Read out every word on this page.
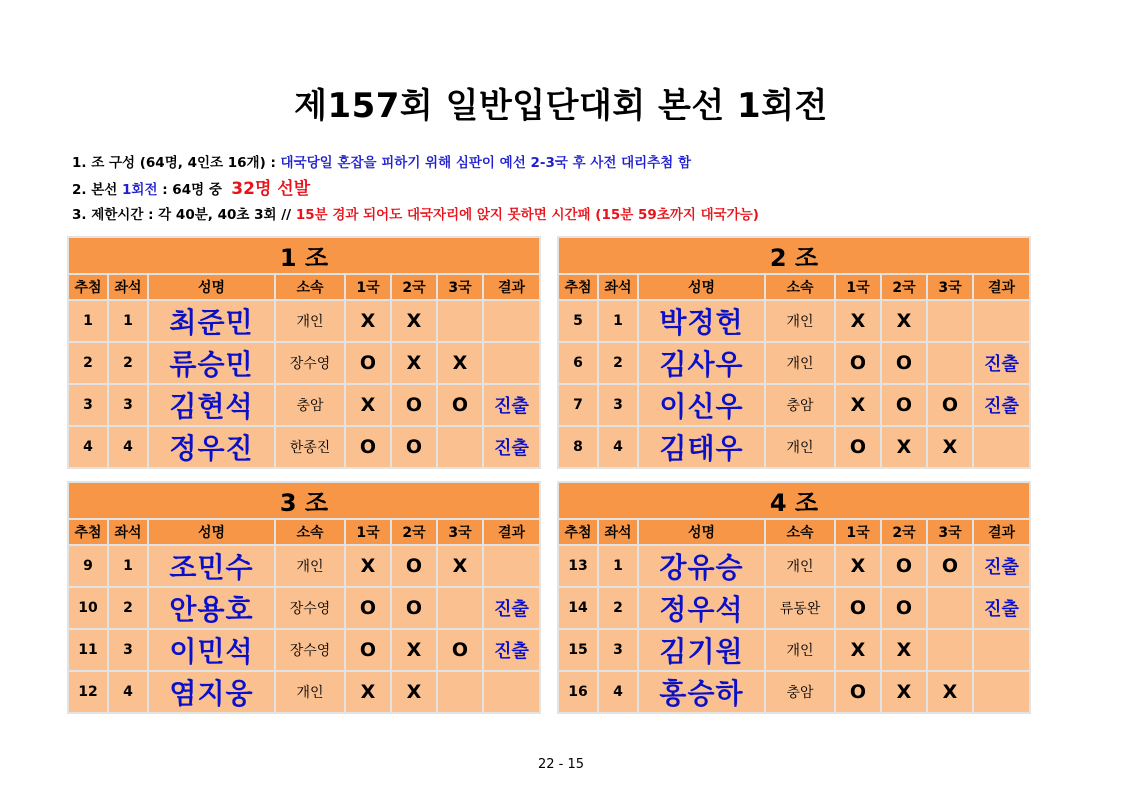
제157회 일반입단대회 본선 1회전
1. 조 구성 (64명, 4인조 16개) : 대국당일 혼잡을 피하기 위해 심판이 예선 2-3국 후 사전 대리추첨 함
2. 본선 1회전 : 64명 중  32명 선발
3. 제한시간 : 각 40분, 40초 3회 // 15분 경과 되어도 대국자리에 앉지 못하면 시간패 (15분 59초까지 대국가능)
1 조							
추첨	좌석	성명	소속	1국	2국	3국	결과
1	1	최준민	개인	X	X		
2	2	류승민	장수영	O	X	X	
3	3	김현석	충암	X	O	O	진출
4	4	정우진	한종진	O	O		진출
2 조							
추첨	좌석	성명	소속	1국	2국	3국	결과
5	1	박정헌	개인	X	X		
6	2	김사우	개인	O	O		진출
7	3	이신우	충암	X	O	O	진출
8	4	김태우	개인	O	X	X	
3 조							
추첨	좌석	성명	소속	1국	2국	3국	결과
9	1	조민수	개인	X	O	X	
10	2	안용호	장수영	O	O		진출
11	3	이민석	장수영	O	X	O	진출
12	4	염지웅	개인	X	X		
4 조							
추첨	좌석	성명	소속	1국	2국	3국	결과
13	1	강유승	개인	X	O	O	진출
14	2	정우석	류동완	O	O		진출
15	3	김기원	개인	X	X		
16	4	홍승하	충암	O	X	X	
22 - 15
